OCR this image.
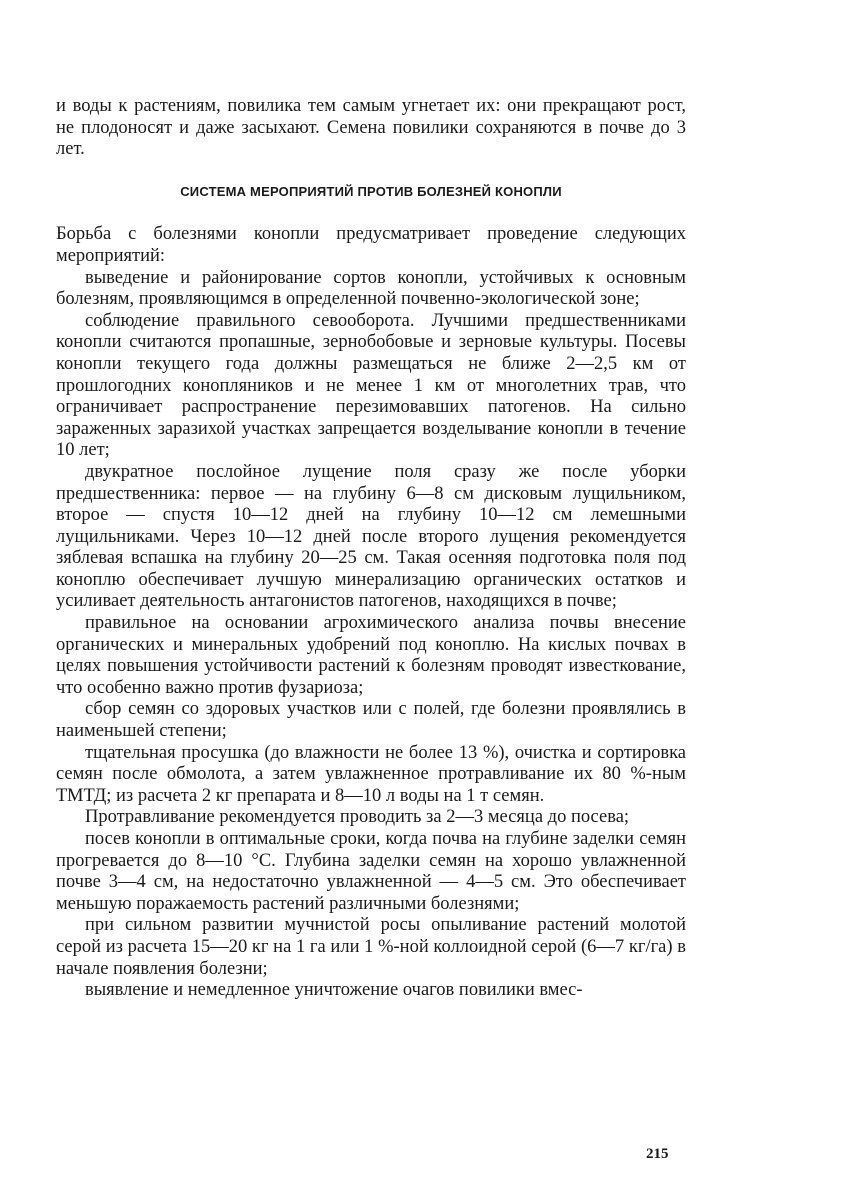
и воды к растениям, повилика тем самым угнетает их: они прекращают рост, не плодоносят и даже засыхают. Семена повилики сохраняются в почве до 3 лет.

СИСТЕМА МЕРОПРИЯТИЙ ПРОТИВ БОЛЕЗНЕЙ КОНОПЛИ

Борьба с болезнями конопли предусматривает проведение следующих мероприятий:

выведение и районирование сортов конопли, устойчивых к основным болезням, проявляющимся в определенной почвенно-экологической зоне;

соблюдение правильного севооборота. Лучшими предшественниками конопли считаются пропашные, зернобобовые и зерновые культуры. Посевы конопли текущего года должны размещаться не ближе 2—2,5 км от прошлогодних конопляников и не менее 1 км от многолетних трав, что ограничивает распространение перезимовавших патогенов. На сильно зараженных заразихой участках запрещается возделывание конопли в течение 10 лет;

двукратное послойное лущение поля сразу же после уборки предшественника: первое — на глубину 6—8 см дисковым лущильником, второе — спустя 10—12 дней на глубину 10—12 см лемешными лущильниками. Через 10—12 дней после второго лущения рекомендуется зяблевая вспашка на глубину 20—25 см. Такая осенняя подготовка поля под коноплю обеспечивает лучшую минерализацию органических остатков и усиливает деятельность антагонистов патогенов, находящихся в почве;

правильное на основании агрохимического анализа почвы внесение органических и минеральных удобрений под коноплю. На кислых почвах в целях повышения устойчивости растений к болезням проводят известкование, что особенно важно против фузариоза;

сбор семян со здоровых участков или с полей, где болезни проявлялись в наименьшей степени;

тщательная просушка (до влажности не более 13 %), очистка и сортировка семян после обмолота, а затем увлажненное протравливание их 80 %-ным ТМТД; из расчета 2 кг препарата и 8—10 л воды на 1 т семян.

Протравливание рекомендуется проводить за 2—3 месяца до посева;

посев конопли в оптимальные сроки, когда почва на глубине заделки семян прогревается до 8—10 °С. Глубина заделки семян на хорошо увлажненной почве 3—4 см, на недостаточно увлажненной — 4—5 см. Это обеспечивает меньшую поражаемость растений различными болезнями;

при сильном развитии мучнистой росы опыливание растений молотой серой из расчета 15—20 кг на 1 га или 1 %-ной коллоидной серой (6—7 кг/га) в начале появления болезни;

выявление и немедленное уничтожение очагов повилики вмес-

215
